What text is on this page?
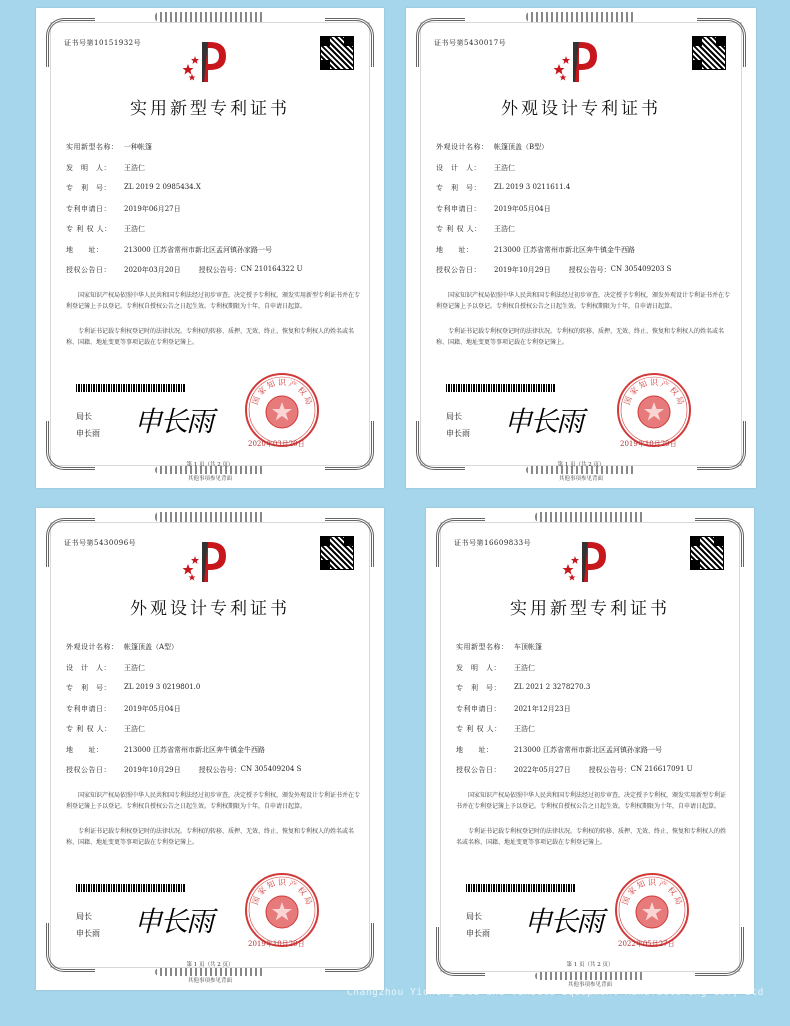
证书号第10151932号
实用新型专利证书
实用新型名称： 一种帐篷
发　明　人：	王浩仁
专　利　号：	ZL 2019 2 0985434.X
专利申请日：	2019年06月27日
专 利 权 人：	王浩仁
地　　址：	213000 江苏省常州市新北区孟河镇孙家路一号
授权公告日：	2020年03月20日	授权公告号： CN 210164322 U
国家知识产权局依照中华人民共和国专利法经过初步审查，决定授予专利权，颁发实用新型专利证书并在专利登记簿上予以登记。专利权自授权公告之日起生效。专利权期限为十年，自申请日起算。
专利证书记载专利权登记时的法律状况。专利权的转移、质押、无效、终止、恢复和专利权人的姓名或名称、国籍、地址变更等事项记载在专利登记簿上。
局长
申长雨 申长雨
国
家
知 识 产
权
局
2020年03月20日
第 1 页（共 2 页）
其他事项参见背面
证书号第5430017号
外观设计专利证书
外观设计名称： 帐篷顶盖（B型）
设　计　人：	王浩仁
专　利　号：	ZL 2019 3 0211611.4
专利申请日：	2019年05月04日
专 利 权 人：	王浩仁
地　　址：	213000 江苏省常州市新北区奔牛镇金牛西路
授权公告日：	2019年10月29日	授权公告号： CN 305409203 S
国家知识产权局依照中华人民共和国专利法经过初步审查，决定授予专利权，颁发外观设计专利证书并在专利登记簿上予以登记。专利权自授权公告之日起生效。专利权期限为十年，自申请日起算。
专利证书记载专利权登记时的法律状况。专利权的转移、质押、无效、终止、恢复和专利权人的姓名或名称、国籍、地址变更等事项记载在专利登记簿上。
局长
申长雨 申长雨
国
家
知 识 产
权
局
2019年10月29日
第 1 页（共 2 页）
其他事项参见背面
证书号第5430096号
外观设计专利证书
外观设计名称： 帐篷顶盖（A型）
设　计　人：	王浩仁
专　利　号：	ZL 2019 3 0219801.0
专利申请日：	2019年05月04日
专 利 权 人：	王浩仁
地　　址：	213000 江苏省常州市新北区奔牛镇金牛西路
授权公告日：	2019年10月29日	授权公告号： CN 305409204 S
国家知识产权局依照中华人民共和国专利法经过初步审查，决定授予专利权，颁发外观设计专利证书并在专利登记簿上予以登记。专利权自授权公告之日起生效。专利权期限为十年，自申请日起算。
专利证书记载专利权登记时的法律状况。专利权的转移、质押、无效、终止、恢复和专利权人的姓名或名称、国籍、地址变更等事项记载在专利登记簿上。
局长
申长雨 申长雨
国
家
知 识 产
权
局
2019年10月29日
第 1 页（共 2 页）
其他事项参见背面
证书号第16609833号
实用新型专利证书
实用新型名称： 车顶帐篷
发　明　人：	王浩仁
专　利　号：	ZL 2021 2 3278270.3
专利申请日：	2021年12月23日
专 利 权 人：	王浩仁
地　　址：	213000 江苏省常州市新北区孟河镇孙家路一号
授权公告日：	2022年05月27日	授权公告号： CN 216617091 U
国家知识产权局依照中华人民共和国专利法经过初步审查，决定授予专利权，颁发实用新型专利证书并在专利登记簿上予以登记。专利权自授权公告之日起生效。专利权期限为十年，自申请日起算。
专利证书记载专利权登记时的法律状况。专利权的转移、质押、无效、终止、恢复和专利权人的姓名或名称、国籍、地址变更等事项记载在专利登记簿上。
局长
申长雨 申长雨
国
家
知 识 产
权
局
2022年05月27日
第 1 页（共 2 页）
其他事项参见背面
Changzhou Yicheng Bed and Vehicle Equipment Manufacturing Co., Ltd
